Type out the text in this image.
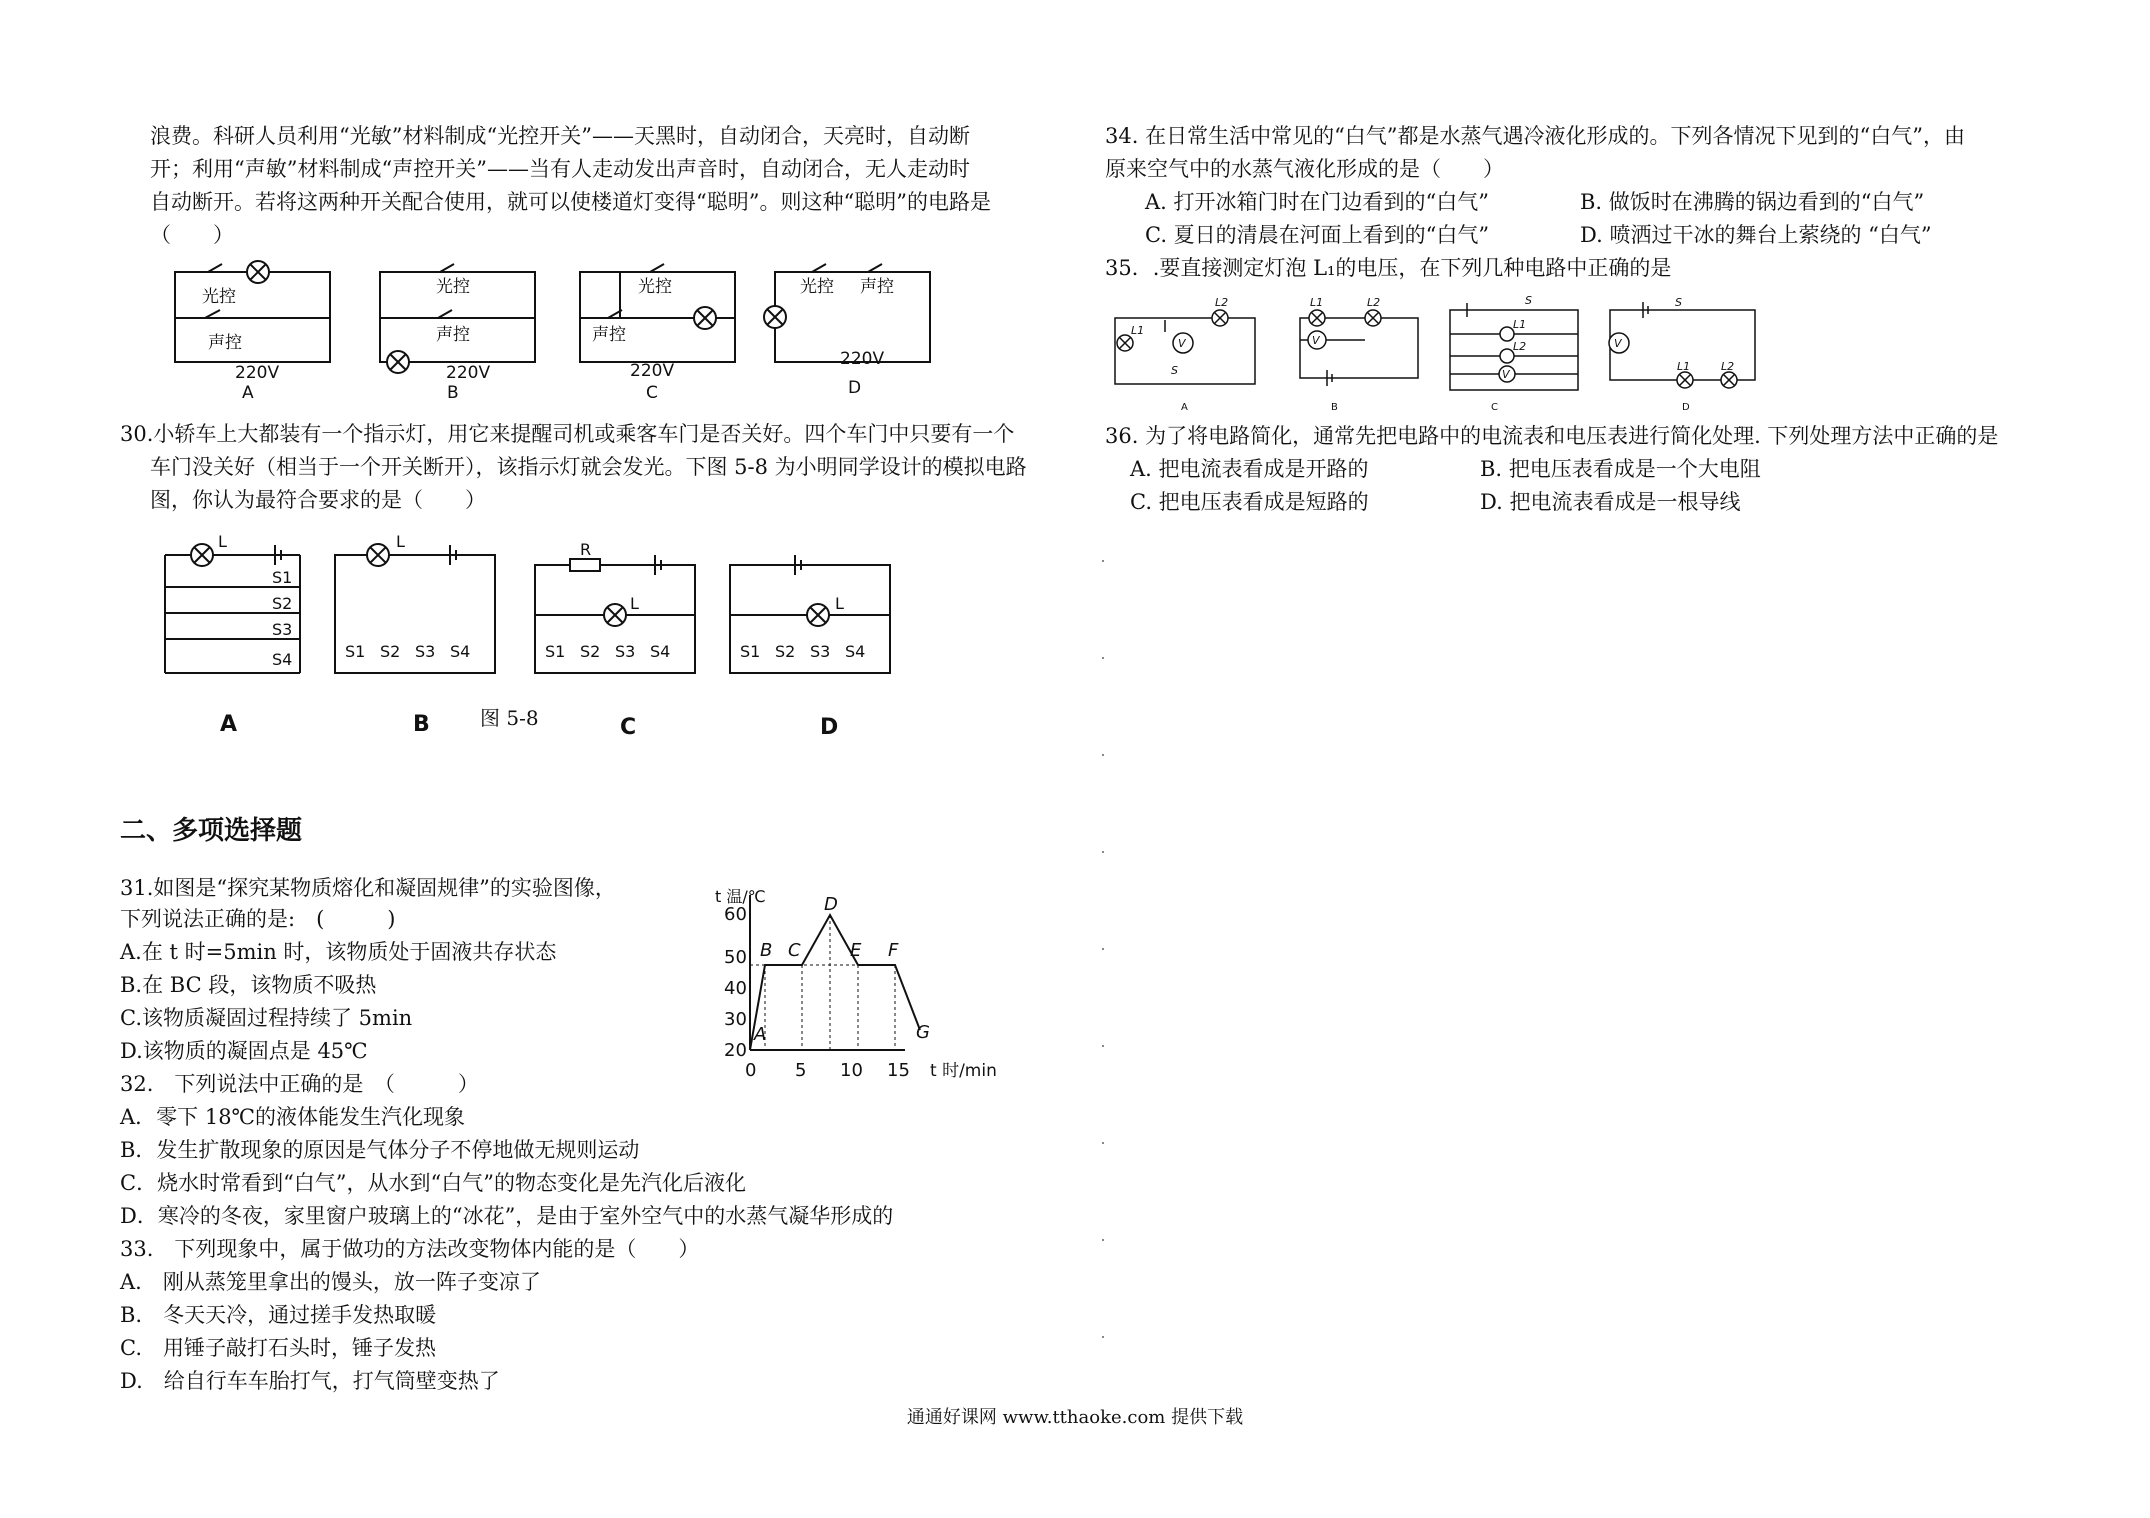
浪费。科研人员利用“光敏”材料制成“光控开关”——天黑时，自动闭合，天亮时，自动断
开；利用“声敏”材料制成“声控开关”——当有人走动发出声音时，自动闭合，无人走动时
自动断开。若将这两种开关配合使用，就可以使楼道灯变得“聪明”。则这种“聪明”的电路是
（　　）
光控
声控
220V
A
光控
声控
220V
B
光控
声控
220V
C
光控 声控
220V
D
30.小轿车上大都装有一个指示灯，用它来提醒司机或乘客车门是否关好。四个车门中只要有一个
车门没关好（相当于一个开关断开），该指示灯就会发光。下图 5-8 为小明同学设计的模拟电路
图，你认为最符合要求的是（　　）
L	L
L
R
L
S1
S2
S3
S4	S1 S2 S3 S4	S1 S2 S3 S4	S1 S2 S3 S4
A	B	图 5-8	C	D
二、多项选择题
31.如图是“探究某物质熔化和凝固规律”的实验图像，
下列说法正确的是:　(　　　)
A.在 t 时=5min 时，该物质处于固液共存状态
B.在 BC 段，该物质不吸热
C.该物质凝固过程持续了 5min
D.该物质的凝固点是 45℃
t 温/℃
20
30
40
50
60
0 5 10 15 t 时/min
A
B C
D
E F
G
32.　下列说法中正确的是　（　　　）
A．零下 18℃的液体能发生汽化现象
B．发生扩散现象的原因是气体分子不停地做无规则运动
C．烧水时常看到“白气”，从水到“白气”的物态变化是先汽化后液化
D．寒冷的冬夜，家里窗户玻璃上的“冰花”，是由于室外空气中的水蒸气凝华形成的
33.　下列现象中，属于做功的方法改变物体内能的是（　　）
A.　刚从蒸笼里拿出的馒头，放一阵子变凉了
B.　冬天天冷，通过搓手发热取暖
C.　用锤子敲打石头时，锤子发热
D.　给自行车车胎打气，打气筒壁变热了
34. 在日常生活中常见的“白气”都是水蒸气遇冷液化形成的。下列各情况下见到的“白气”，由
原来空气中的水蒸气液化形成的是（　　）
A. 打开冰箱门时在门边看到的“白气”	B. 做饭时在沸腾的锅边看到的“白气”
C. 夏日的清晨在河面上看到的“白气”	D. 喷洒过干冰的舞台上萦绕的 “白气”
35．.要直接测定灯泡 L₁的电压，在下列几种电路中正确的是
V
L1
L2
S
V
L1	L2
V
L1
L2
S
V
S
L1	L2
A	B	C	D
36. 为了将电路简化，通常先把电路中的电流表和电压表进行简化处理. 下列处理方法中正确的是
A. 把电流表看成是开路的	B. 把电压表看成是一个大电阻
C. 把电压表看成是短路的	D. 把电流表看成是一根导线
通通好课网 www.tthaoke.com 提供下载
